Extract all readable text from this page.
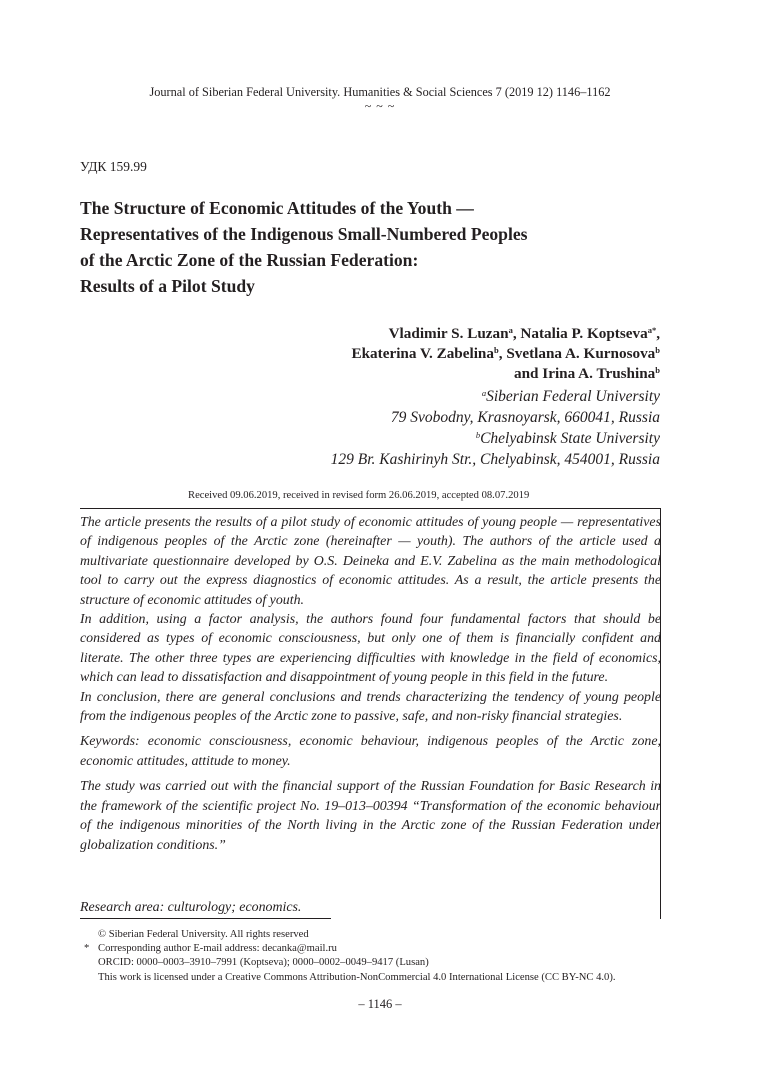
Journal of Siberian Federal University. Humanities & Social Sciences 7 (2019 12) 1146–1162
~ ~ ~
УДК 159.99
The Structure of Economic Attitudes of the Youth —
Representatives of the Indigenous Small-Numbered Peoples
of the Arctic Zone of the Russian Federation:
Results of a Pilot Study
Vladimir S. Luzan$^a$, Natalia P. Koptseva$^{a*}$,
Ekaterina V. Zabelina$^b$, Svetlana A. Kurnosova$^b$
and Irina A. Trushina$^b$
$^a$Siberian Federal University
79 Svobodny, Krasnoyarsk, 660041, Russia
$^b$Chelyabinsk State University
129 Br. Kashirinyh Str., Chelyabinsk, 454001, Russia
Received 09.06.2019, received in revised form 26.06.2019, accepted 08.07.2019

The article presents the results of a pilot study of economic attitudes of young people — representatives of indigenous peoples of the Arctic zone (hereinafter — youth). The authors of the article used a multivariate questionnaire developed by O.S. Deineka and E.V. Zabelina as the main methodological tool to carry out the express diagnostics of economic attitudes. As a result, the article presents the structure of economic attitudes of youth.

In addition, using a factor analysis, the authors found four fundamental factors that should be considered as types of economic consciousness, but only one of them is financially confident and literate. The other three types are experiencing difficulties with knowledge in the field of economics, which can lead to dissatisfaction and disappointment of young people in this field in the future.

In conclusion, there are general conclusions and trends characterizing the tendency of young people from the indigenous peoples of the Arctic zone to passive, safe, and non-risky financial strategies.

Keywords: economic consciousness, economic behaviour, indigenous peoples of the Arctic zone, economic attitudes, attitude to money.

The study was carried out with the financial support of the Russian Foundation for Basic Research in the framework of the scientific project No. 19–013–00394 “Transformation of the economic behaviour of the indigenous minorities of the North living in the Arctic zone of the Russian Federation under globalization conditions.”

Research area: culturology; economics.
© Siberian Federal University. All rights reserved
* Corresponding author E-mail address: decanka@mail.ru
ORCID: 0000–0003–3910–7991 (Koptseva); 0000–0002–0049–9417 (Lusan)
This work is licensed under a Creative Commons Attribution-NonCommercial 4.0 International License (CC BY-NC 4.0).
– 1146 –
